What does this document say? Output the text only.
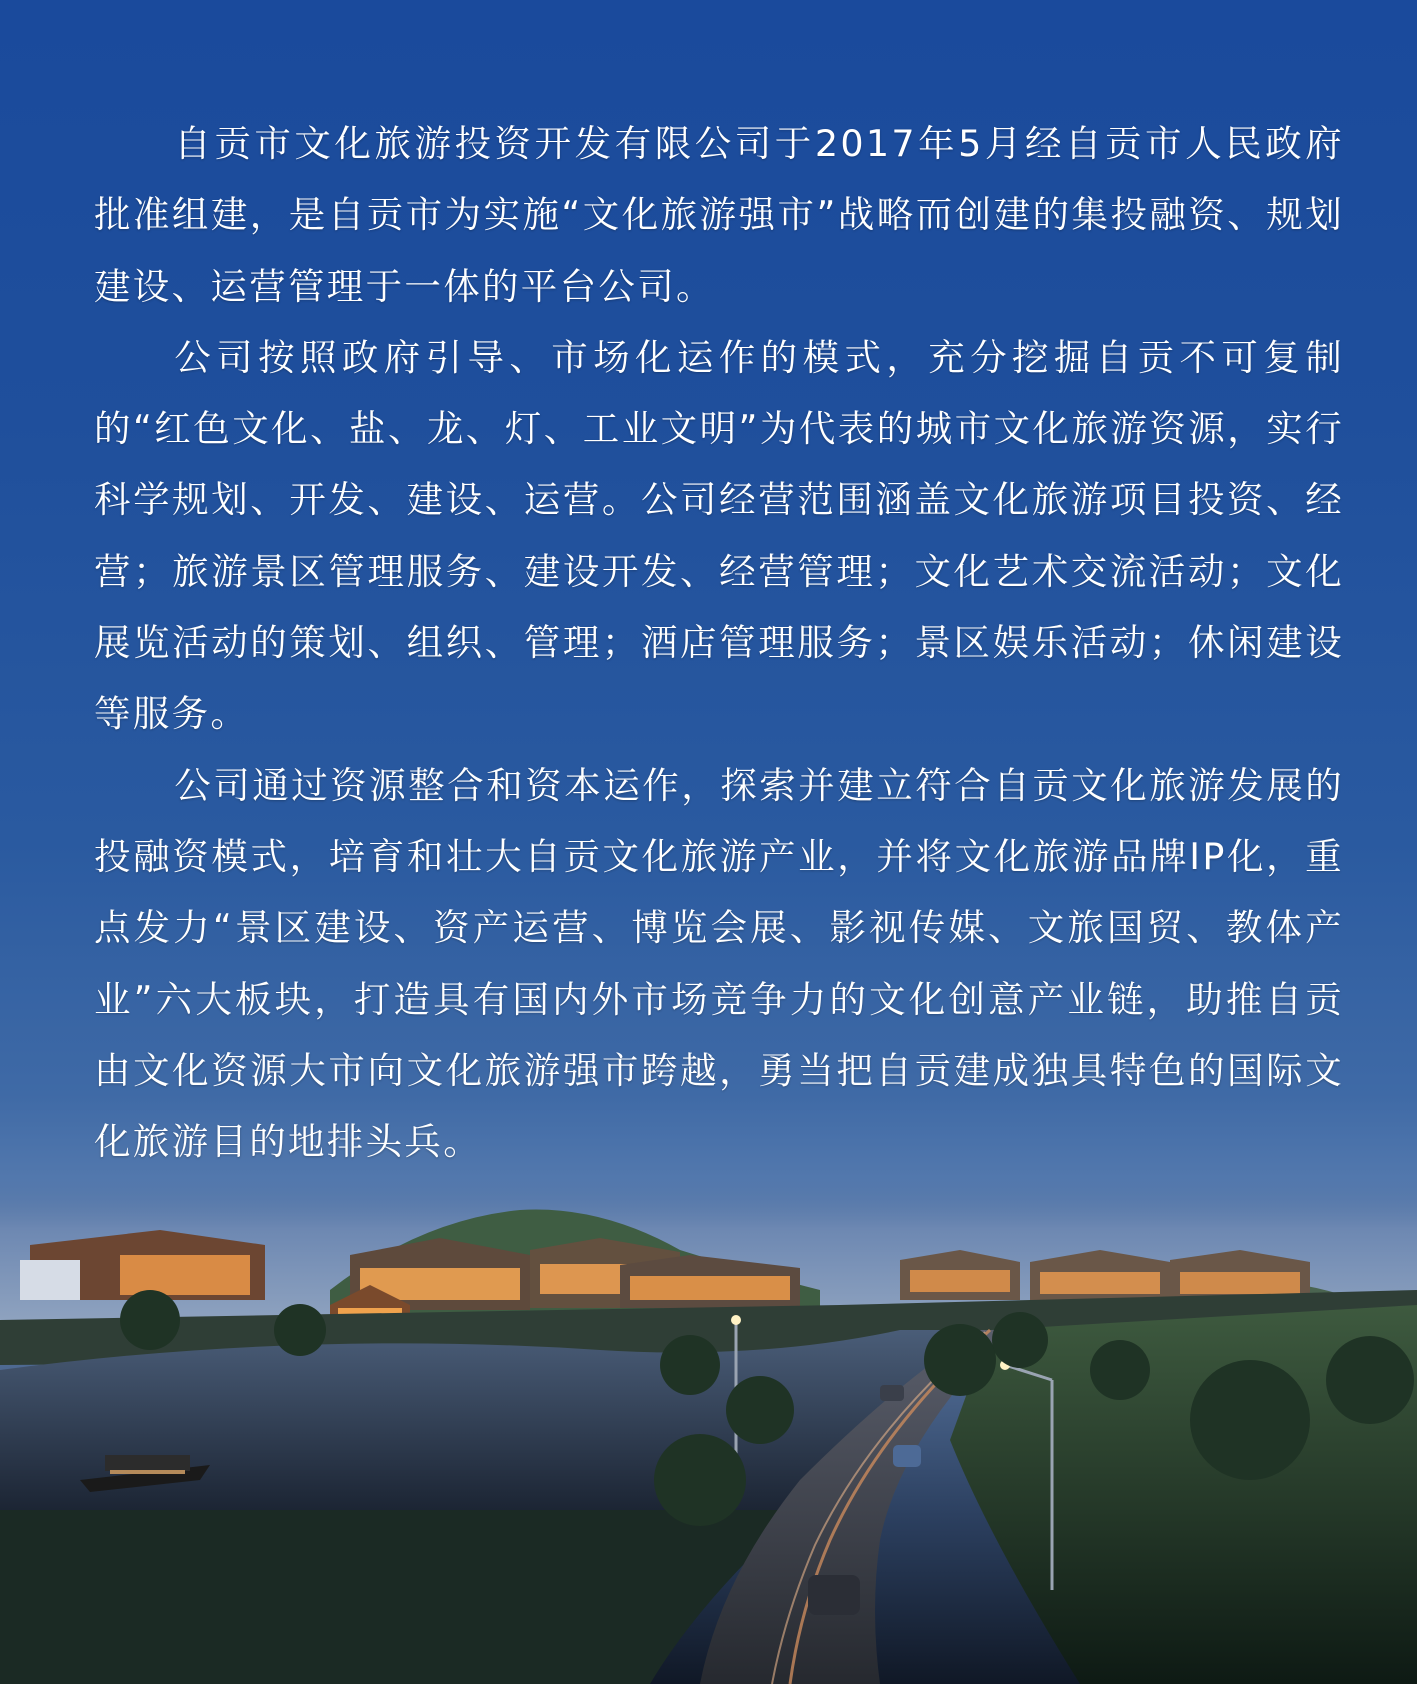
自贡市文化旅游投资开发有限公司于2017年5月经自贡市人民政府批准组建，是自贡市为实施“文化旅游强市”战略而创建的集投融资、规划建设、运营管理于一体的平台公司。

公司按照政府引导、市场化运作的模式，充分挖掘自贡不可复制的“红色文化、盐、龙、灯、工业文明”为代表的城市文化旅游资源，实行科学规划、开发、建设、运营。公司经营范围涵盖文化旅游项目投资、经营；旅游景区管理服务、建设开发、经营管理；文化艺术交流活动；文化展览活动的策划、组织、管理；酒店管理服务；景区娱乐活动；休闲建设等服务。

公司通过资源整合和资本运作，探索并建立符合自贡文化旅游发展的投融资模式，培育和壮大自贡文化旅游产业，并将文化旅游品牌IP化，重点发力“景区建设、资产运营、博览会展、影视传媒、文旅国贸、教体产业”六大板块，打造具有国内外市场竞争力的文化创意产业链，助推自贡由文化资源大市向文化旅游强市跨越，勇当把自贡建成独具特色的国际文化旅游目的地排头兵。
